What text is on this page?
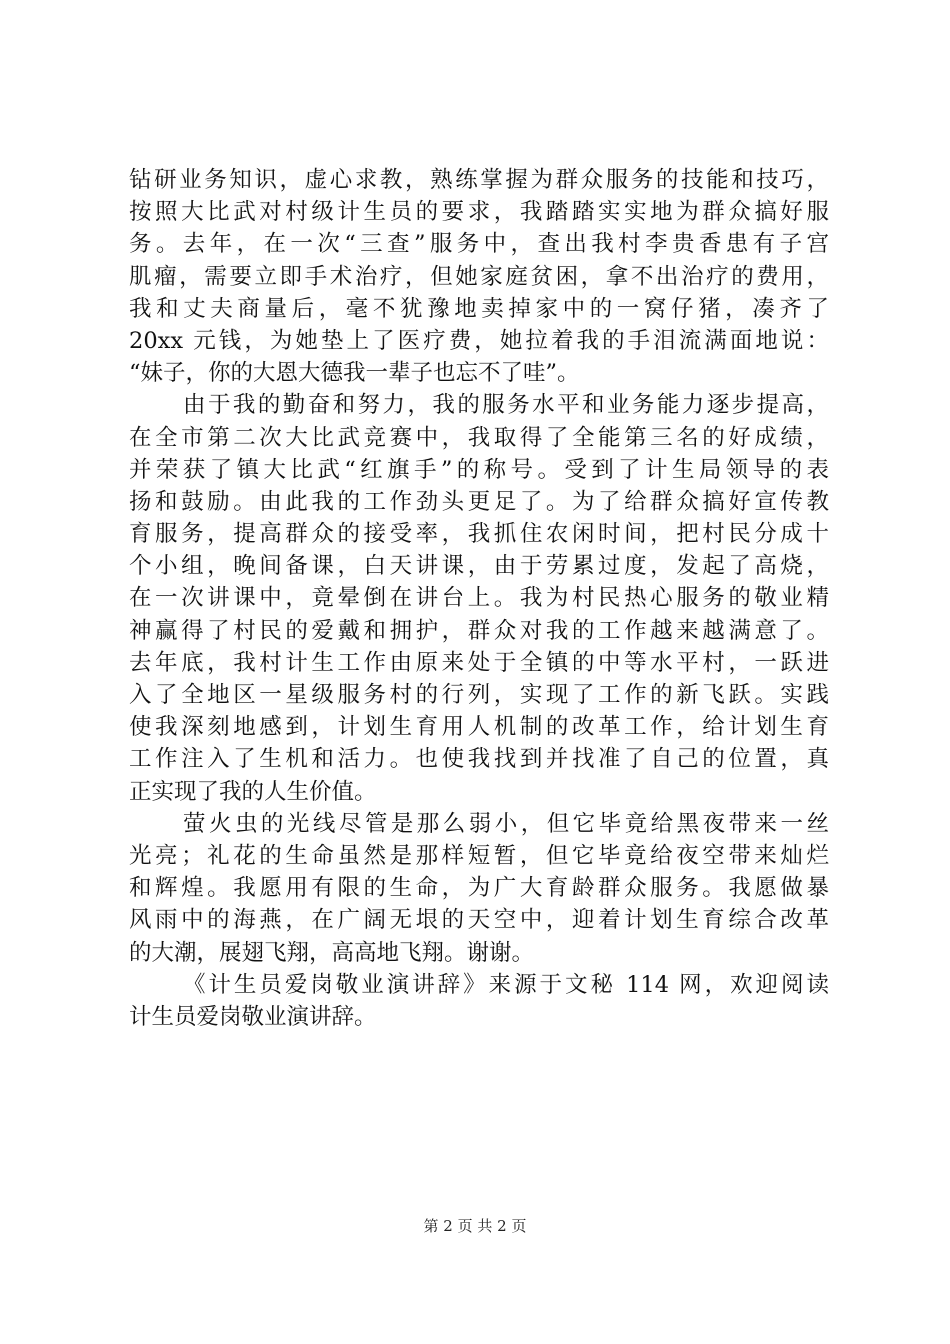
钻研业务知识，虚心求教，熟练掌握为群众服务的技能和技巧，
按照大比武对村级计生员的要求，我踏踏实实地为群众搞好服
务。去年，在一次“三查”服务中，查出我村李贵香患有子宫
肌瘤，需要立即手术治疗，但她家庭贫困，拿不出治疗的费用，
我和丈夫商量后，毫不犹豫地卖掉家中的一窝仔猪，凑齐了
20xx 元钱，为她垫上了医疗费，她拉着我的手泪流满面地说：
“妹子，你的大恩大德我一辈子也忘不了哇”。
由于我的勤奋和努力，我的服务水平和业务能力逐步提高，
在全市第二次大比武竞赛中，我取得了全能第三名的好成绩，
并荣获了镇大比武“红旗手”的称号。受到了计生局领导的表
扬和鼓励。由此我的工作劲头更足了。为了给群众搞好宣传教
育服务，提高群众的接受率，我抓住农闲时间，把村民分成十
个小组，晚间备课，白天讲课，由于劳累过度，发起了高烧，
在一次讲课中，竟晕倒在讲台上。我为村民热心服务的敬业精
神赢得了村民的爱戴和拥护，群众对我的工作越来越满意了。
去年底，我村计生工作由原来处于全镇的中等水平村，一跃进
入了全地区一星级服务村的行列，实现了工作的新飞跃。实践
使我深刻地感到，计划生育用人机制的改革工作，给计划生育
工作注入了生机和活力。也使我找到并找准了自己的位置，真
正实现了我的人生价值。
萤火虫的光线尽管是那么弱小，但它毕竟给黑夜带来一丝
光亮；礼花的生命虽然是那样短暂，但它毕竟给夜空带来灿烂
和辉煌。我愿用有限的生命，为广大育龄群众服务。我愿做暴
风雨中的海燕，在广阔无垠的天空中，迎着计划生育综合改革
的大潮，展翅飞翔，高高地飞翔。谢谢。
《计生员爱岗敬业演讲辞》来源于文秘 114 网，欢迎阅读
计生员爱岗敬业演讲辞。
第 2 页 共 2 页
